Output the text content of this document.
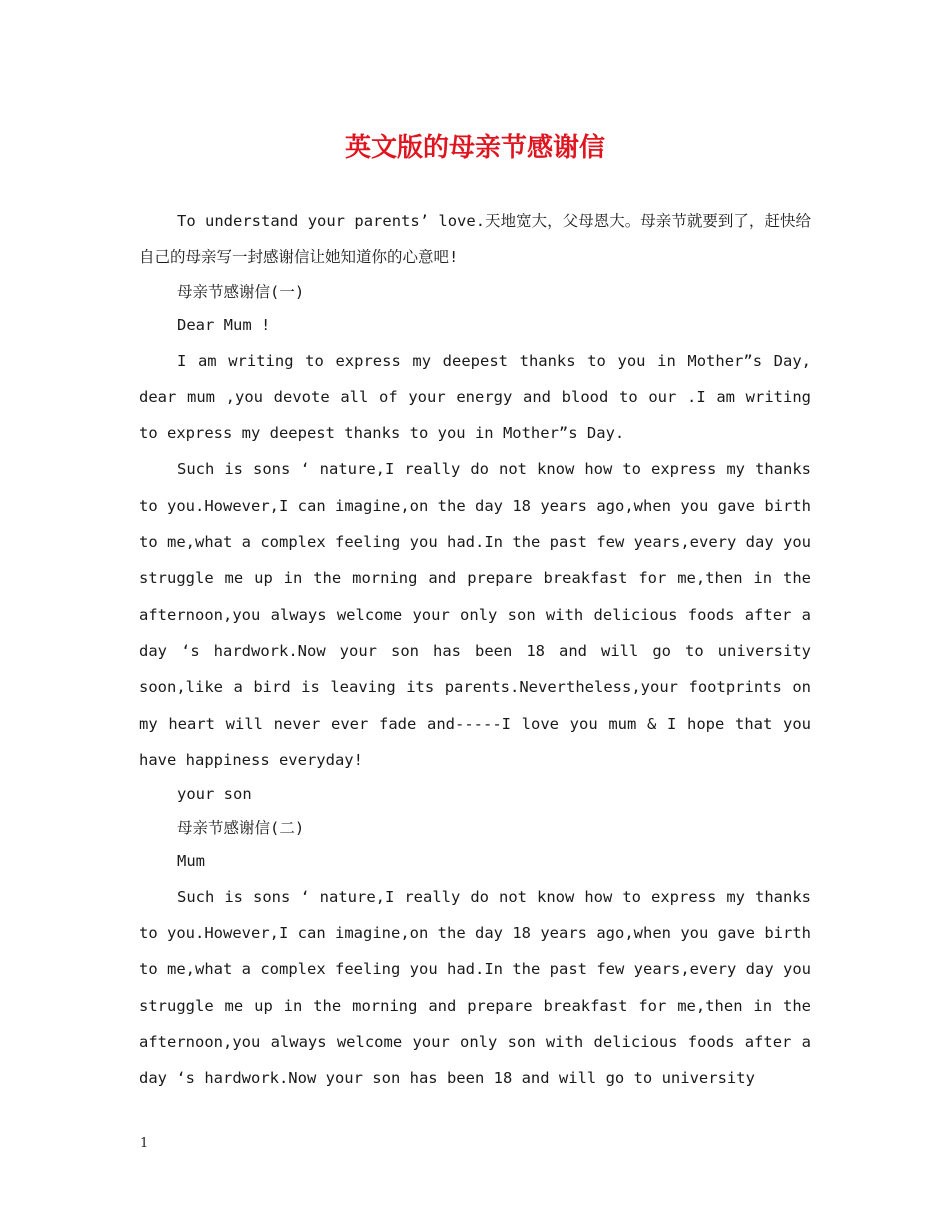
英文版的母亲节感谢信

To understand your parents’ love.天地宽大，父母恩大。母亲节就要到了，赶快给自己的母亲写一封感谢信让她知道你的心意吧!

母亲节感谢信(一)

Dear Mum !

I am writing to express my deepest thanks to you in Mother”s Day, dear mum ,you devote all of your energy and blood to our .I am writing to express my deepest thanks to you in Mother”s Day.

Such is sons ‘ nature,I really do not know how to express my thanks to you.However,I can imagine,on the day 18 years ago,when you gave birth to me,what a complex feeling you had.In the past few years,every day you struggle me up in the morning and prepare breakfast for me,then in the afternoon,you always welcome your only son with delicious foods after a day ‘s hardwork.Now your son has been 18 and will go to university soon,like a bird is leaving its parents.Nevertheless,your footprints on my heart will never ever fade and-----I love you mum & I hope that you have happiness everyday!

your son

母亲节感谢信(二)

Mum

Such is sons ‘ nature,I really do not know how to express my thanks to you.However,I can imagine,on the day 18 years ago,when you gave birth to me,what a complex feeling you had.In the past few years,every day you struggle me up in the morning and prepare breakfast for me,then in the afternoon,you always welcome your only son with delicious foods after a day ‘s hardwork.Now your son has been 18 and will go to university

1
